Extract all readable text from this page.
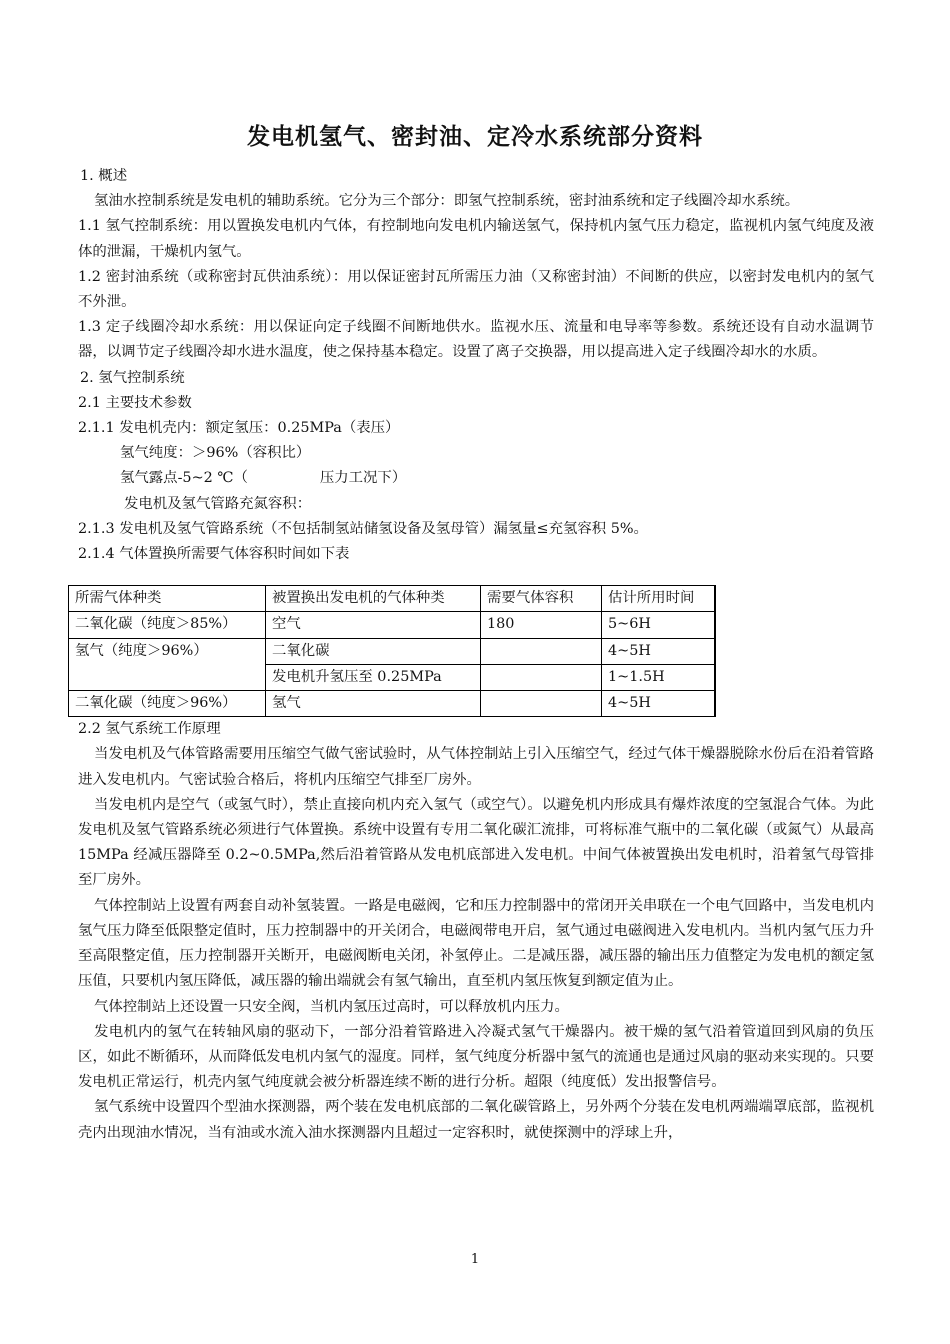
发电机氢气、密封油、定冷水系统部分资料

1. 概述

氢油水控制系统是发电机的辅助系统。它分为三个部分：即氢气控制系统，密封油系统和定子线圈冷却水系统。

1.1 氢气控制系统：用以置换发电机内气体，有控制地向发电机内输送氢气，保持机内氢气压力稳定，监视机内氢气纯度及液体的泄漏，干燥机内氢气。

1.2 密封油系统（或称密封瓦供油系统）：用以保证密封瓦所需压力油（又称密封油）不间断的供应，以密封发电机内的氢气不外泄。

1.3 定子线圈冷却水系统：用以保证向定子线圈不间断地供水。监视水压、流量和电导率等参数。系统还设有自动水温调节器，以调节定子线圈冷却水进水温度，使之保持基本稳定。设置了离子交换器，用以提高进入定子线圈冷却水的水质。

2. 氢气控制系统

2.1 主要技术参数

2.1.1 发电机壳内：额定氢压：0.25MPa（表压）

氢气纯度：＞96%（容积比）

氢气露点-5~2 ℃（	压力工况下）

发电机及氢气管路充氮容积：

2.1.3 发电机及氢气管路系统（不包括制氢站储氢设备及氢母管）漏氢量≤充氢容积 5%。

2.1.4 气体置换所需要气体容积时间如下表

所需气体种类	被置换出发电机的气体种类	需要气体容积	估计所用时间
二氧化碳（纯度＞85%）	空气	180	5~6H
氢气（纯度＞96%）	二氧化碳		4~5H
	发电机升氢压至 0.25MPa		1~1.5H
二氧化碳（纯度＞96%）	氢气		4~5H

2.2 氢气系统工作原理

当发电机及气体管路需要用压缩空气做气密试验时，从气体控制站上引入压缩空气，经过气体干燥器脱除水份后在沿着管路进入发电机内。气密试验合格后，将机内压缩空气排至厂房外。

当发电机内是空气（或氢气时），禁止直接向机内充入氢气（或空气）。以避免机内形成具有爆炸浓度的空氢混合气体。为此发电机及氢气管路系统必须进行气体置换。系统中设置有专用二氧化碳汇流排，可将标准气瓶中的二氧化碳（或氮气）从最高 15MPa 经减压器降至 0.2~0.5MPa,然后沿着管路从发电机底部进入发电机。中间气体被置换出发电机时，沿着氢气母管排至厂房外。

气体控制站上设置有两套自动补氢装置。一路是电磁阀，它和压力控制器中的常闭开关串联在一个电气回路中，当发电机内氢气压力降至低限整定值时，压力控制器中的开关闭合，电磁阀带电开启，氢气通过电磁阀进入发电机内。当机内氢气压力升至高限整定值，压力控制器开关断开，电磁阀断电关闭，补氢停止。二是减压器，减压器的输出压力值整定为发电机的额定氢压值，只要机内氢压降低，减压器的输出端就会有氢气输出，直至机内氢压恢复到额定值为止。

气体控制站上还设置一只安全阀，当机内氢压过高时，可以释放机内压力。

发电机内的氢气在转轴风扇的驱动下，一部分沿着管路进入冷凝式氢气干燥器内。被干燥的氢气沿着管道回到风扇的负压区，如此不断循环，从而降低发电机内氢气的湿度。同样，氢气纯度分析器中氢气的流通也是通过风扇的驱动来实现的。只要发电机正常运行，机壳内氢气纯度就会被分析器连续不断的进行分析。超限（纯度低）发出报警信号。

氢气系统中设置四个型油水探测器，两个装在发电机底部的二氧化碳管路上，另外两个分装在发电机两端端罩底部，监视机壳内出现油水情况，当有油或水流入油水探测器内且超过一定容积时，就使探测中的浮球上升，

1
